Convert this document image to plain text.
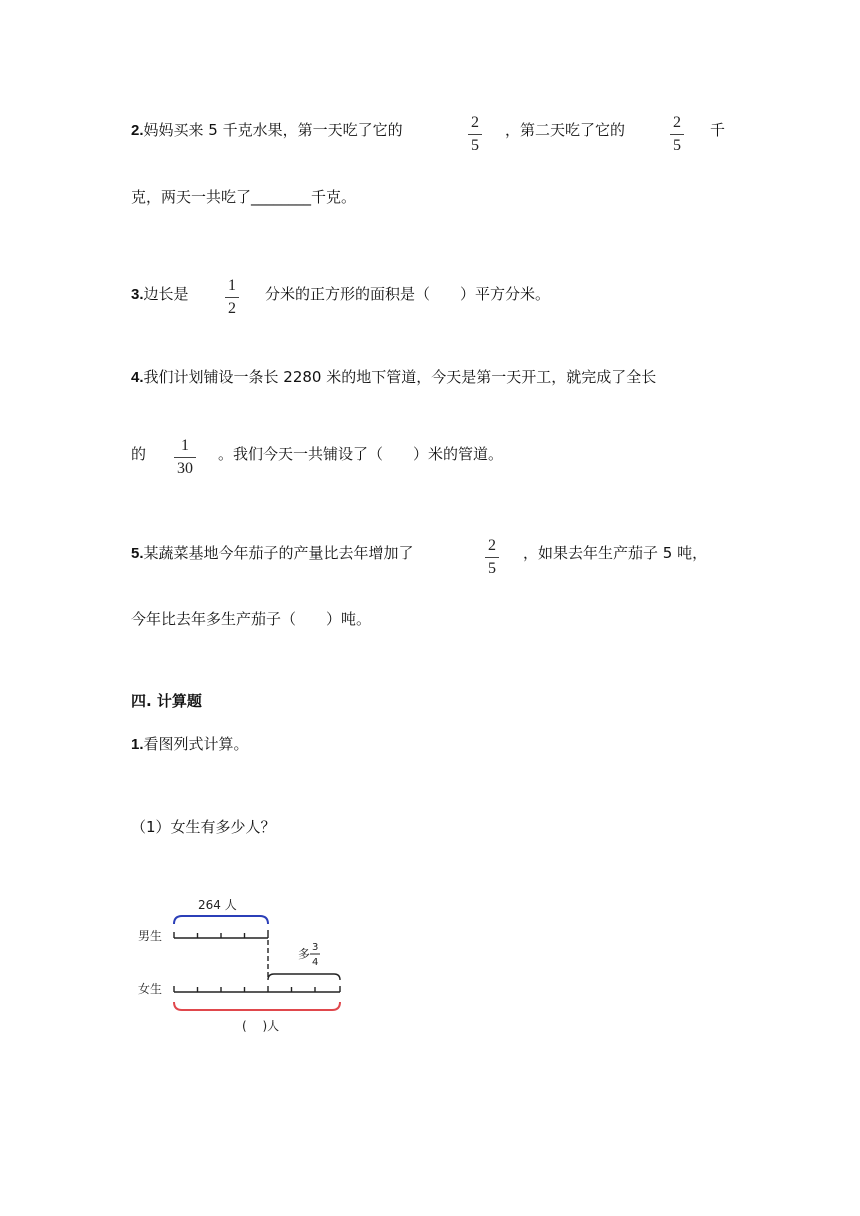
2.妈妈买来 5 千克水果，第一天吃了它的	2
5
，第二天吃了它的	2
5
千
克，两天一共吃了________千克。
3.边长是 1
2
分米的正方形的面积是（　　）平方分米。
4.我们计划铺设一条长 2280 米的地下管道，今天是第一天开工，就完成了全长
的 1
30
。我们今天一共铺设了（　　）米的管道。
5.某蔬菜基地今年茄子的产量比去年增加了	2
5
，如果去年生产茄子 5 吨，
今年比去年多生产茄子（　　）吨。
四. 计算题
1.看图列式计算。
（1）女生有多少人？
264 人
男生
多 3
4
女生
(　 )人
